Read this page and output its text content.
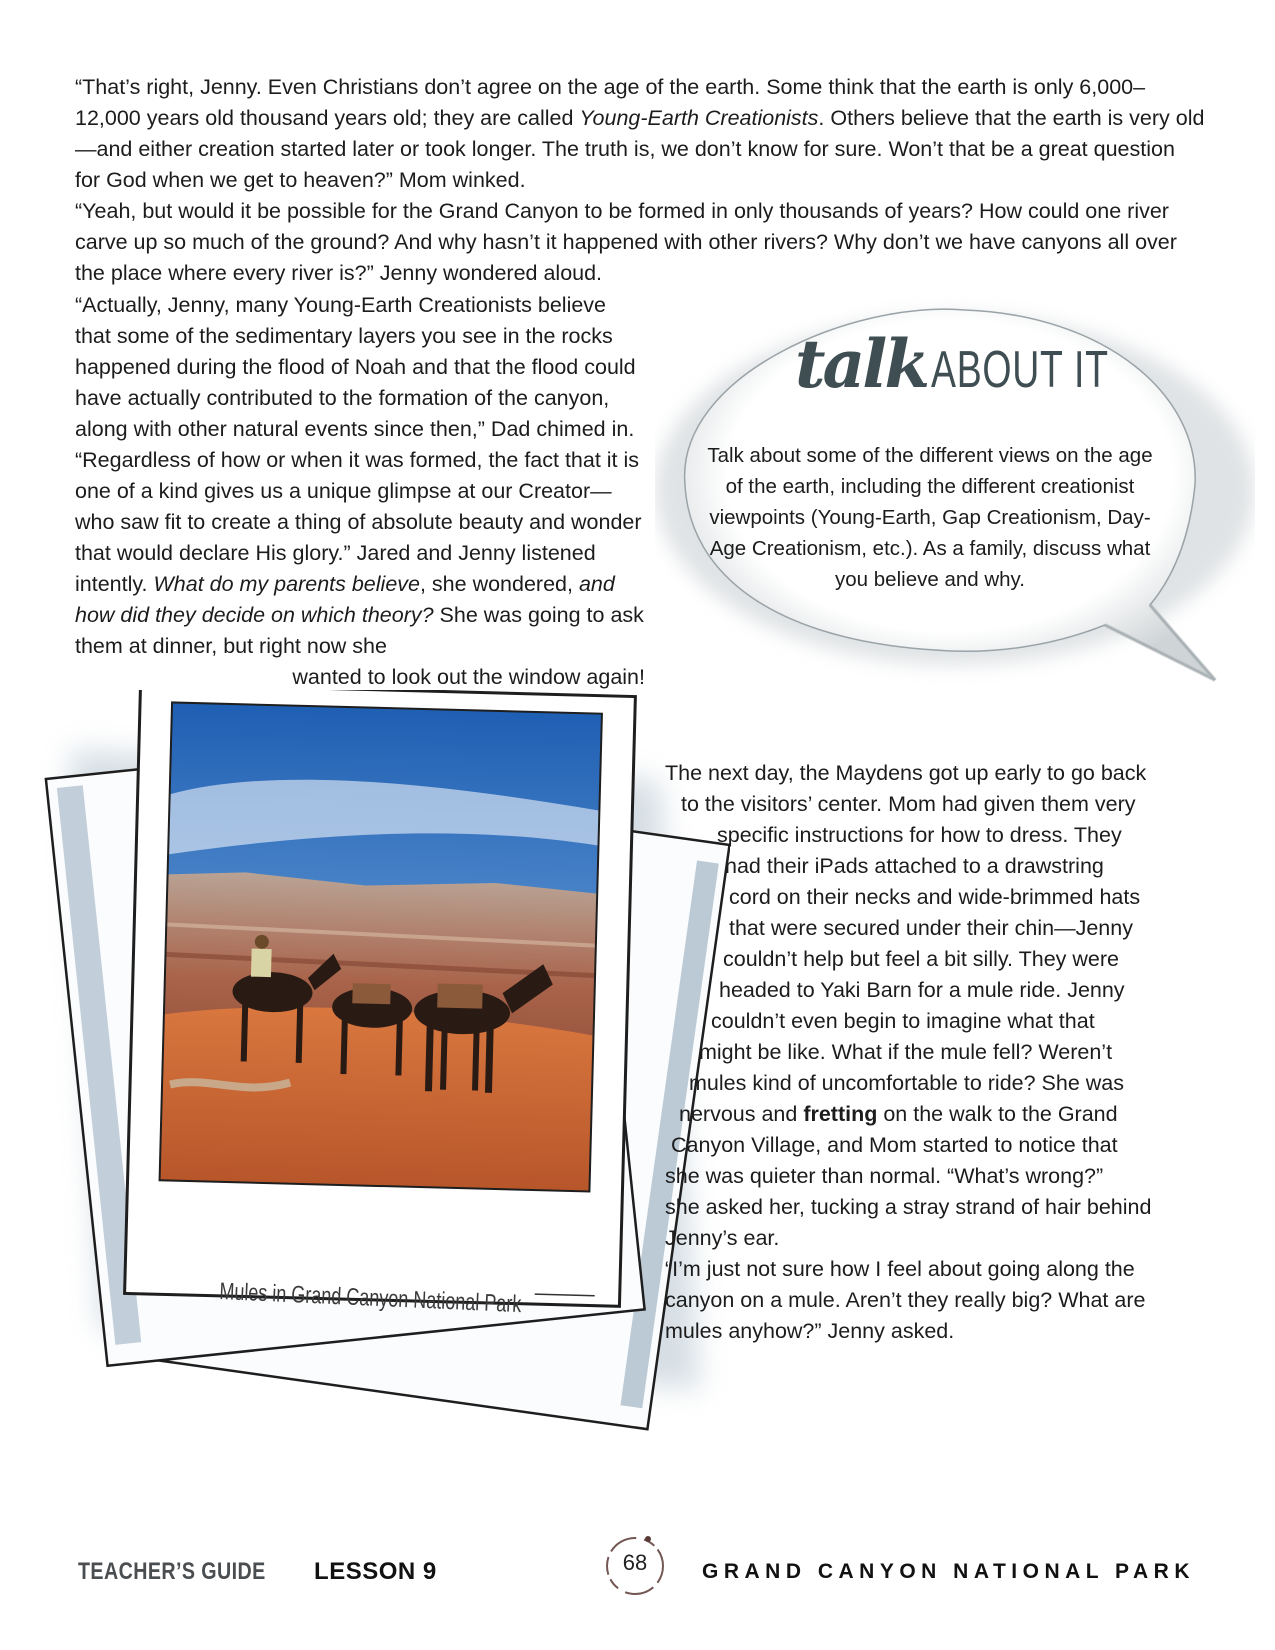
“That’s right, Jenny. Even Christians don’t agree on the age of the earth. Some think that the earth is only 6,000–12,000 years old thousand years old; they are called Young-Earth Creationists. Others believe that the earth is very old—and either creation started later or took longer. The truth is, we don’t know for sure. Won’t that be a great question for God when we get to heaven?” Mom winked.
“Yeah, but would it be possible for the Grand Canyon to be formed in only thousands of years? How could one river carve up so much of the ground? And why hasn’t it happened with other rivers? Why don’t we have canyons all over the place where every river is?” Jenny wondered aloud.

“Actually, Jenny, many Young-Earth Creationists believe that some of the sedimentary layers you see in the rocks happened during the flood of Noah and that the flood could have actually contributed to the formation of the canyon, along with other natural events since then,” Dad chimed in. “Regardless of how or when it was formed, the fact that it is one of a kind gives us a unique glimpse at our Creator—who saw fit to create a thing of absolute beauty and wonder that would declare His glory.” Jared and Jenny listened intently. What do my parents believe, she wondered, and how did they decide on which theory? She was going to ask them at dinner, but right now she
wanted to look out the window again!

talkABOUT IT
Talk about some of the different views on the age of the earth, including the different creationist viewpoints (Young-Earth, Gap Creationism, Day-Age Creationism, etc.). As a family, discuss what you believe and why.
Mules in Grand Canyon National Park
The next day, the Maydens got up early to go back
to the visitors’ center. Mom had given them very
specific instructions for how to dress. They
had their iPads attached to a drawstring
cord on their necks and wide-brimmed hats
that were secured under their chin—Jenny
couldn’t help but feel a bit silly. They were
headed to Yaki Barn for a mule ride. Jenny
couldn’t even begin to imagine what that
might be like. What if the mule fell? Weren’t
mules kind of uncomfortable to ride? She was
nervous and fretting on the walk to the Grand
Canyon Village, and Mom started to notice that
she was quieter than normal. “What’s wrong?”
she asked her, tucking a stray strand of hair behind
Jenny’s ear.
“I’m just not sure how I feel about going along the
canyon on a mule. Aren’t they really big? What are
mules anyhow?” Jenny asked.
TEACHER’S GUIDE LESSON 9	68	GRAND CANYON NATIONAL PARK
